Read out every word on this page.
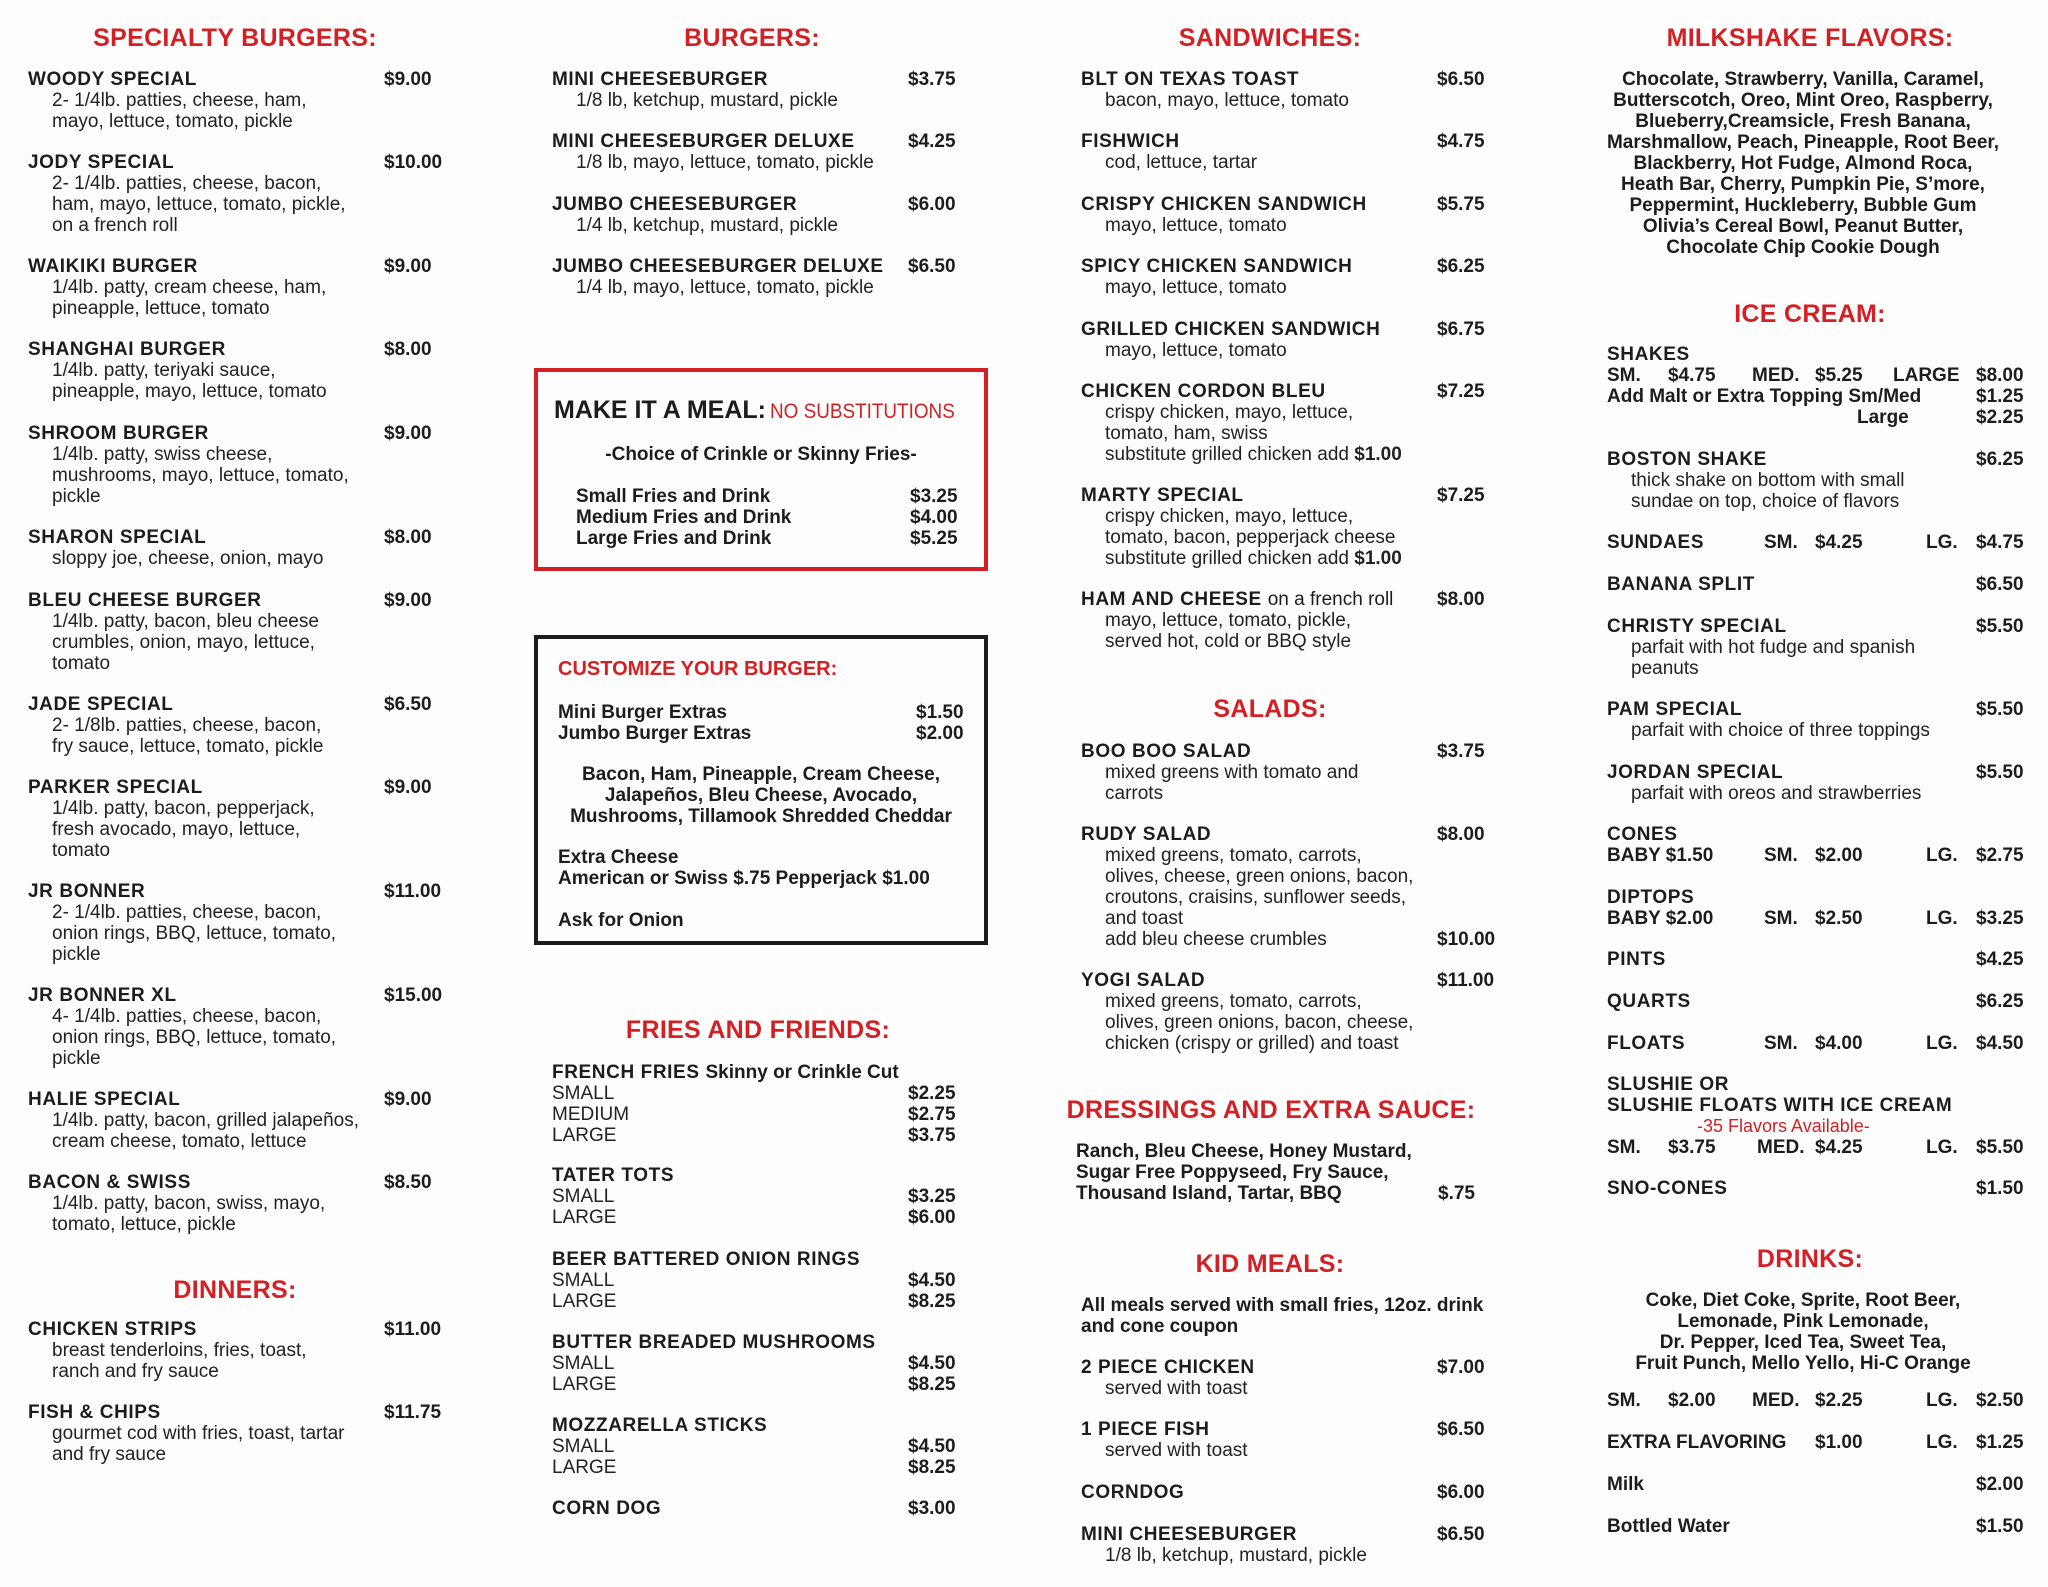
SPECIALTY BURGERS:
WOODY SPECIAL	$9.00
2- 1/4lb. patties, cheese, ham,
mayo, lettuce, tomato, pickle
JODY SPECIAL	$10.00
2- 1/4lb. patties, cheese, bacon,
ham, mayo, lettuce, tomato, pickle,
on a french roll
WAIKIKI BURGER	$9.00
1/4lb. patty, cream cheese, ham,
pineapple, lettuce, tomato
SHANGHAI BURGER	$8.00
1/4lb. patty, teriyaki sauce,
pineapple, mayo, lettuce, tomato
SHROOM BURGER	$9.00
1/4lb. patty, swiss cheese,
mushrooms, mayo, lettuce, tomato,
pickle
SHARON SPECIAL	$8.00
sloppy joe, cheese, onion, mayo
BLEU CHEESE BURGER	$9.00
1/4lb. patty, bacon, bleu cheese
crumbles, onion, mayo, lettuce,
tomato
JADE SPECIAL	$6.50
2- 1/8lb. patties, cheese, bacon,
fry sauce, lettuce, tomato, pickle
PARKER SPECIAL	$9.00
1/4lb. patty, bacon, pepperjack,
fresh avocado, mayo, lettuce,
tomato
JR BONNER	$11.00
2- 1/4lb. patties, cheese, bacon,
onion rings, BBQ, lettuce, tomato,
pickle
JR BONNER XL	$15.00
4- 1/4lb. patties, cheese, bacon,
onion rings, BBQ, lettuce, tomato,
pickle
HALIE SPECIAL	$9.00
1/4lb. patty, bacon, grilled jalapeños,
cream cheese, tomato, lettuce
BACON & SWISS	$8.50
1/4lb. patty, bacon, swiss, mayo,
tomato, lettuce, pickle
DINNERS:
CHICKEN STRIPS	$11.00
breast tenderloins, fries, toast,
ranch and fry sauce
FISH & CHIPS	$11.75
gourmet cod with fries, toast, tartar
and fry sauce
BURGERS:
MINI CHEESEBURGER	$3.75
1/8 lb, ketchup, mustard, pickle
MINI CHEESEBURGER DELUXE	$4.25
1/8 lb, mayo, lettuce, tomato, pickle
JUMBO CHEESEBURGER	$6.00
1/4 lb, ketchup, mustard, pickle
JUMBO CHEESEBURGER DELUXE $6.50
1/4 lb, mayo, lettuce, tomato, pickle
MAKE IT A MEAL: NO SUBSTITUTIONS
-Choice of Crinkle or Skinny Fries-
Small Fries and Drink	$3.25
Medium Fries and Drink	$4.00
Large Fries and Drink	$5.25
CUSTOMIZE YOUR BURGER:
Mini Burger Extras	$1.50
Jumbo Burger Extras	$2.00
Bacon, Ham, Pineapple, Cream Cheese,
Jalapeños, Bleu Cheese, Avocado,
Mushrooms, Tillamook Shredded Cheddar
Extra Cheese
American or Swiss $.75 Pepperjack $1.00
Ask for Onion
FRIES AND FRIENDS:
FRENCH FRIES Skinny or Crinkle Cut
SMALL	$2.25
MEDIUM	$2.75
LARGE	$3.75
TATER TOTS
SMALL	$3.25
LARGE	$6.00
BEER BATTERED ONION RINGS
SMALL	$4.50
LARGE	$8.25
BUTTER BREADED MUSHROOMS
SMALL	$4.50
LARGE	$8.25
MOZZARELLA STICKS
SMALL	$4.50
LARGE	$8.25
CORN DOG	$3.00
SANDWICHES:
BLT ON TEXAS TOAST	$6.50
bacon, mayo, lettuce, tomato
FISHWICH	$4.75
cod, lettuce, tartar
CRISPY CHICKEN SANDWICH	$5.75
mayo, lettuce, tomato
SPICY CHICKEN SANDWICH	$6.25
mayo, lettuce, tomato
GRILLED CHICKEN SANDWICH	$6.75
mayo, lettuce, tomato
CHICKEN CORDON BLEU	$7.25
crispy chicken, mayo, lettuce,
tomato, ham, swiss
substitute grilled chicken add $1.00
MARTY SPECIAL	$7.25
crispy chicken, mayo, lettuce,
tomato, bacon, pepperjack cheese
substitute grilled chicken add $1.00
HAM AND CHEESE on a french roll $8.00
mayo, lettuce, tomato, pickle,
served hot, cold or BBQ style
SALADS:
BOO BOO SALAD	$3.75
mixed greens with tomato and
carrots
RUDY SALAD	$8.00
mixed greens, tomato, carrots,
olives, cheese, green onions, bacon,
croutons, craisins, sunflower seeds,
and toast
add bleu cheese crumbles	$10.00
YOGI SALAD	$11.00
mixed greens, tomato, carrots,
olives, green onions, bacon, cheese,
chicken (crispy or grilled) and toast
DRESSINGS AND EXTRA SAUCE:
Ranch, Bleu Cheese, Honey Mustard,
Sugar Free Poppyseed, Fry Sauce,
Thousand Island, Tartar, BBQ	$.75
KID MEALS:
All meals served with small fries, 12oz. drink
and cone coupon
2 PIECE CHICKEN	$7.00
served with toast
1 PIECE FISH	$6.50
served with toast
CORNDOG	$6.00
MINI CHEESEBURGER	$6.50
1/8 lb, ketchup, mustard, pickle
MILKSHAKE FLAVORS:
Chocolate, Strawberry, Vanilla, Caramel,
Butterscotch, Oreo, Mint Oreo, Raspberry,
Blueberry,Creamsicle, Fresh Banana,
Marshmallow, Peach, Pineapple, Root Beer,
Blackberry, Hot Fudge, Almond Roca,
Heath Bar, Cherry, Pumpkin Pie, S’more,
Peppermint, Huckleberry, Bubble Gum
Olivia’s Cereal Bowl, Peanut Butter,
Chocolate Chip Cookie Dough
ICE CREAM:
SHAKES
SM. $4.75 MED. $5.25 LARGE $8.00
Add Malt or Extra Topping Sm/Med	$1.25
Large	$2.25
BOSTON SHAKE	$6.25
thick shake on bottom with small
sundae on top, choice of flavors
SUNDAES	SM. $4.25	LG. $4.75
BANANA SPLIT	$6.50
CHRISTY SPECIAL	$5.50
parfait with hot fudge and spanish
peanuts
PAM SPECIAL	$5.50
parfait with choice of three toppings
JORDAN SPECIAL	$5.50
parfait with oreos and strawberries
CONES
BABY $1.50	SM. $2.00	LG. $2.75
DIPTOPS
BABY $2.00	SM. $2.50	LG. $3.25
PINTS	$4.25
QUARTS	$6.25
FLOATS	SM. $4.00	LG. $4.50
SLUSHIE OR
SLUSHIE FLOATS WITH ICE CREAM
-35 Flavors Available-
SM. $3.75 MED. $4.25	LG. $5.50
SNO-CONES	$1.50
DRINKS:
Coke, Diet Coke, Sprite, Root Beer,
Lemonade, Pink Lemonade,
Dr. Pepper, Iced Tea, Sweet Tea,
Fruit Punch, Mello Yello, Hi-C Orange
SM. $2.00 MED. $2.25	LG. $2.50
EXTRA FLAVORING $1.00	LG. $1.25
Milk	$2.00
Bottled Water	$1.50
